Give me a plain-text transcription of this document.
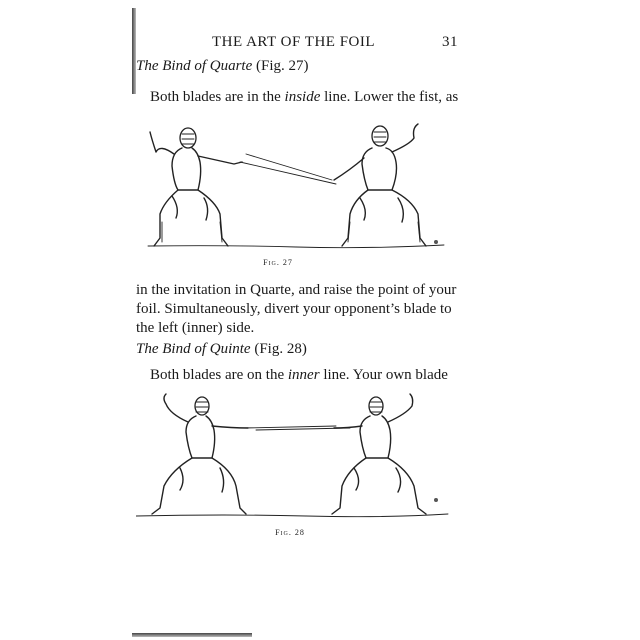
THE ART OF THE FOIL	31
The Bind of Quarte (Fig. 27)
Both blades are in the inside line. Lower the fist, as
Fig. 27
in the invitation in Quarte, and raise the point of your
foil. Simultaneously, divert your opponent’s blade to
the left (inner) side.
The Bind of Quinte (Fig. 28)
Both blades are on the inner line. Your own blade
Fig. 28
